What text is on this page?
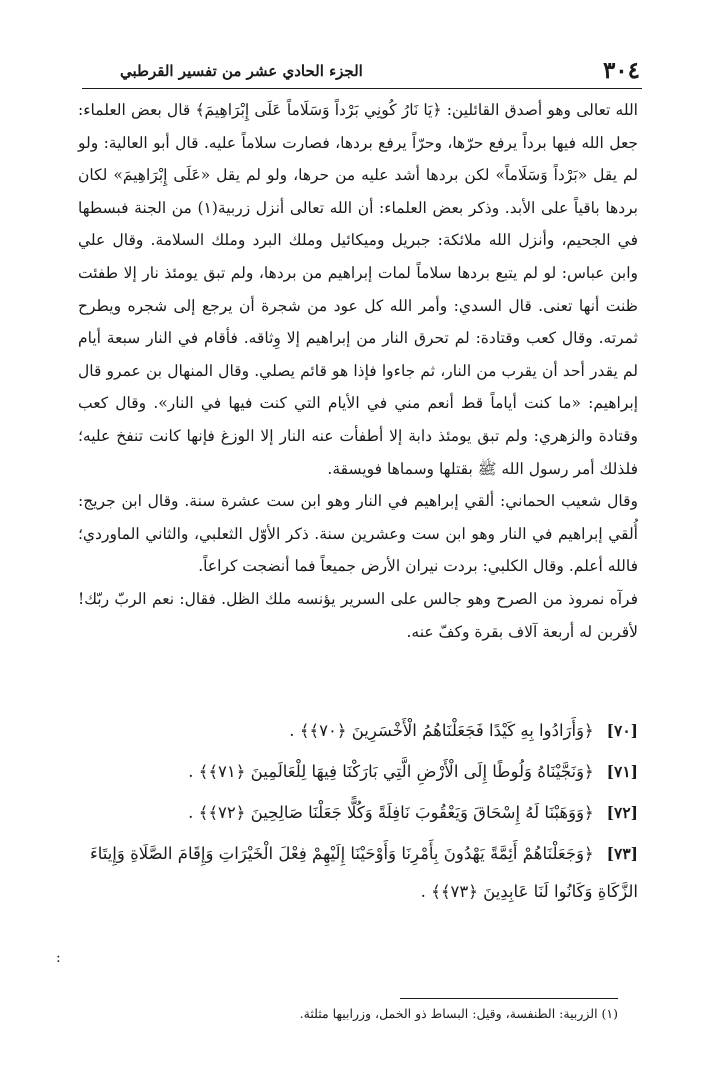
٣٠٤
الجزء الحادي عشر من تفسير القرطبي

الله تعالى وهو أصدق القائلين: ﴿يَا نَارُ كُونِي بَرْداً وَسَلَاماً عَلَى إِبْرَاهِيمَ﴾ قال بعض العلماء: جعل الله فيها برداً يرفع حرّها، وحرّاً يرفع بردها، فصارت سلاماً عليه. قال أبو العالية: ولو لم يقل «بَرْداً وَسَلَاماً» لكن بردها أشد عليه من حرها، ولو لم يقل «عَلَى إِبْرَاهِيمَ» لكان بردها باقياً على الأبد. وذكر بعض العلماء: أن الله تعالى أنزل زربية(١) من الجنة فبسطها في الجحيم، وأنزل الله ملائكة: جبريل وميكائيل وملك البرد وملك السلامة. وقال علي وابن عباس: لو لم يتبع بردها سلاماً لمات إبراهيم من بردها، ولم تبق يومئذ نار إلا طفئت ظنت أنها تعنى. قال السدي: وأمر الله كل عود من شجرة أن يرجع إلى شجره ويطرح ثمرته. وقال كعب وقتادة: لم تحرق النار من إبراهيم إلا وِثاقه. فأقام في النار سبعة أيام لم يقدر أحد أن يقرب من النار، ثم جاءوا فإذا هو قائم يصلي. وقال المنهال بن عمرو قال إبراهيم: «ما كنت أياماً قط أنعم مني في الأيام التي كنت فيها في النار». وقال كعب وقتادة والزهري: ولم تبق يومئذ دابة إلا أطفأت عنه النار إلا الوزغ فإنها كانت تنفخ عليه؛ فلذلك أمر رسول الله ﷺ بقتلها وسماها فويسقة.

وقال شعيب الحماني: ألقي إبراهيم في النار وهو ابن ست عشرة سنة. وقال ابن جريج: أُلقي إبراهيم في النار وهو ابن ست وعشرين سنة. ذكر الأوّل الثعلبي، والثاني الماوردي؛ فالله أعلم. وقال الكلبي: بردت نيران الأرض جميعاً فما أنضجت كراعاً.

فرآه نمروذ من الصرح وهو جالس على السرير يؤنسه ملك الظل. فقال: نعم الربّ ربّك! لأقربن له أربعة آلاف بقرة وكفّ عنه.

[٧٠] ﴿وَأَرَادُوا بِهِ كَيْدًا فَجَعَلْنَاهُمُ الْأَخْسَرِينَ ﴿٧٠﴾﴾ .
[٧١] ﴿وَنَجَّيْنَاهُ وَلُوطًا إِلَى الْأَرْضِ الَّتِي بَارَكْنَا فِيهَا لِلْعَالَمِينَ ﴿٧١﴾﴾ .
[٧٢] ﴿وَوَهَبْنَا لَهُ إِسْحَاقَ وَيَعْقُوبَ نَافِلَةً وَكُلًّا جَعَلْنَا صَالِحِينَ ﴿٧٢﴾﴾ .
[٧٣] ﴿وَجَعَلْنَاهُمْ أَئِمَّةً يَهْدُونَ بِأَمْرِنَا وَأَوْحَيْنَا إِلَيْهِمْ فِعْلَ الْخَيْرَاتِ وَإِقَامَ الصَّلَاةِ وَإِيتَاءَ الزَّكَاةِ وَكَانُوا لَنَا عَابِدِينَ ﴿٧٣﴾﴾ .
:
(١) الزربية: الطنفسة، وقيل: البساط ذو الخمل، وزرابيها مثلثة.
